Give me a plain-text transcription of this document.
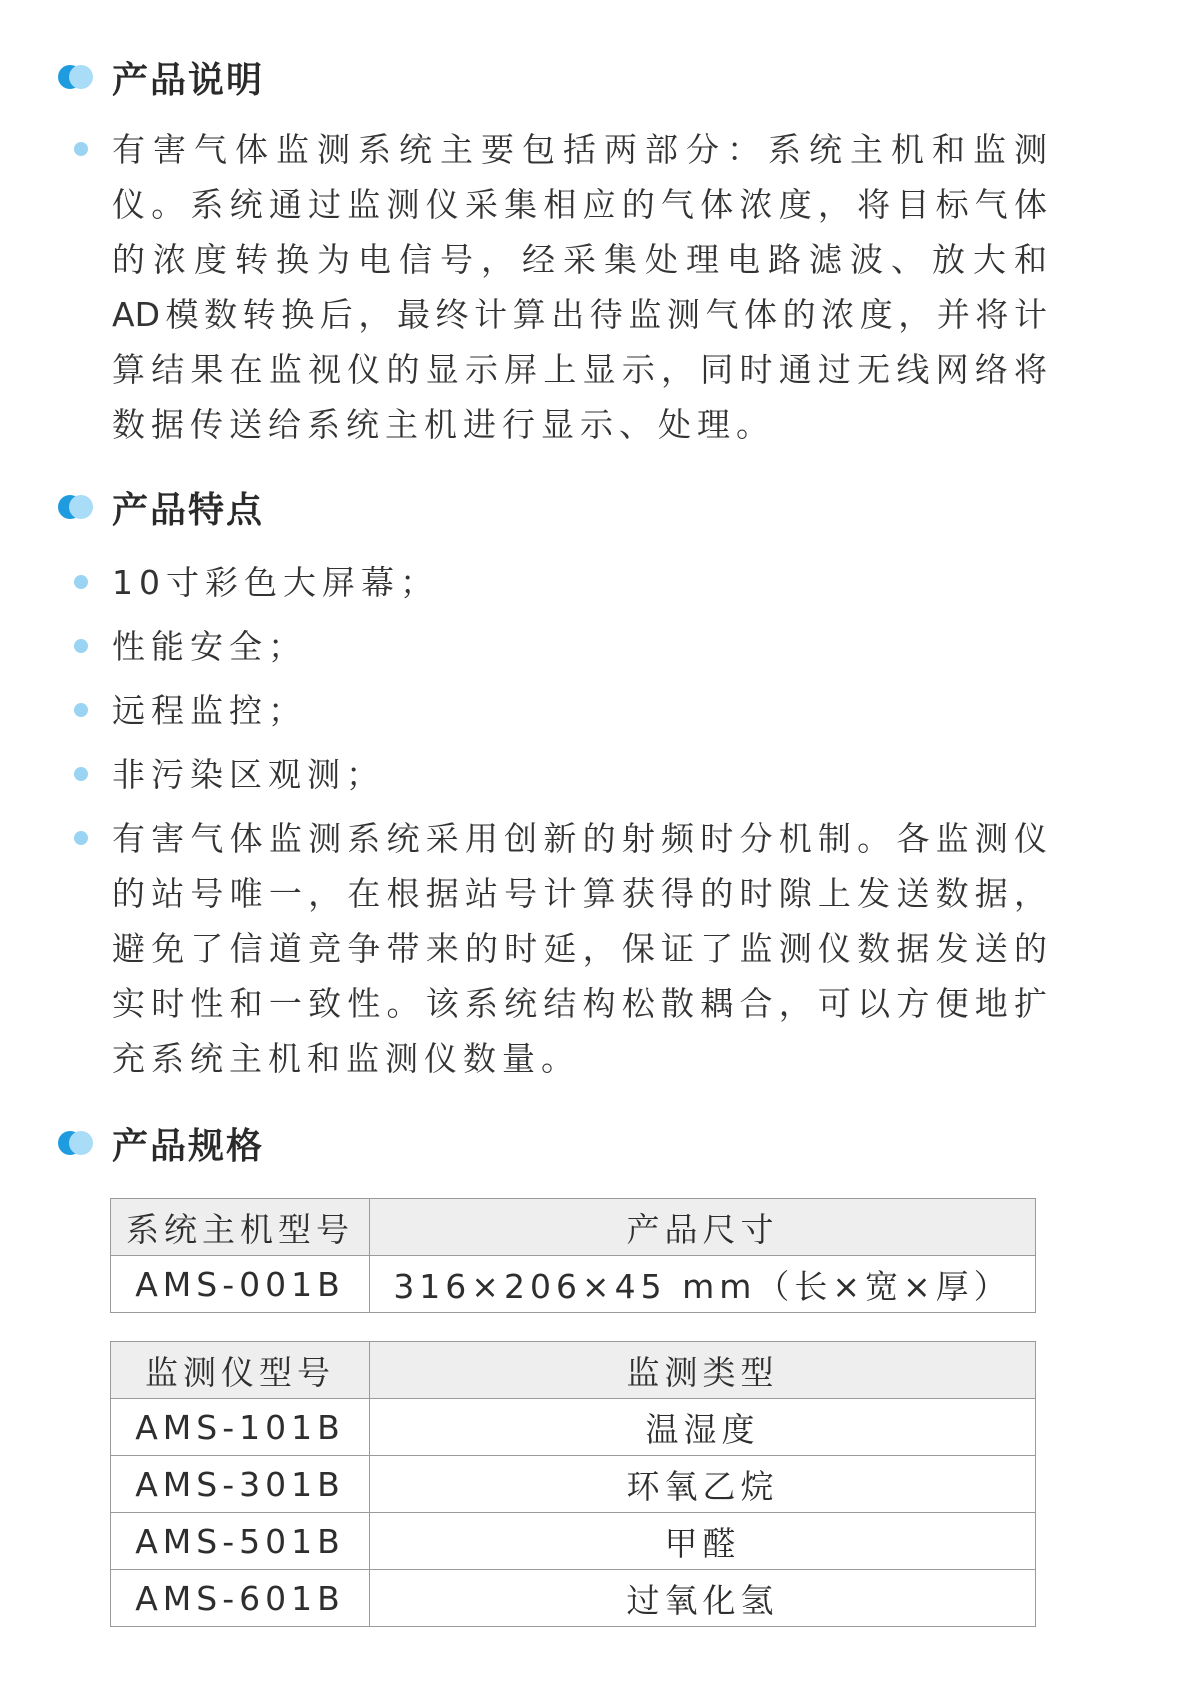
产品说明
有害气体监测系统主要包括两部分：系统主机和监测
仪。系统通过监测仪采集相应的气体浓度，将目标气体
的浓度转换为电信号，经采集处理电路滤波、放大和
AD模数转换后，最终计算出待监测气体的浓度，并将计
算结果在监视仪的显示屏上显示，同时通过无线网络将
数据传送给系统主机进行显示、处理。
产品特点
10寸彩色大屏幕；
性能安全；
远程监控；
非污染区观测；
有害气体监测系统采用创新的射频时分机制。各监测仪
的站号唯一，在根据站号计算获得的时隙上发送数据，
避免了信道竞争带来的时延，保证了监测仪数据发送的
实时性和一致性。该系统结构松散耦合，可以方便地扩
充系统主机和监测仪数量。
产品规格
系统主机型号	产品尺寸
AMS-001B	316×206×45 mm（长×宽×厚）
监测仪型号	监测类型
AMS-101B	温湿度
AMS-301B	环氧乙烷
AMS-501B	甲醛
AMS-601B	过氧化氢
